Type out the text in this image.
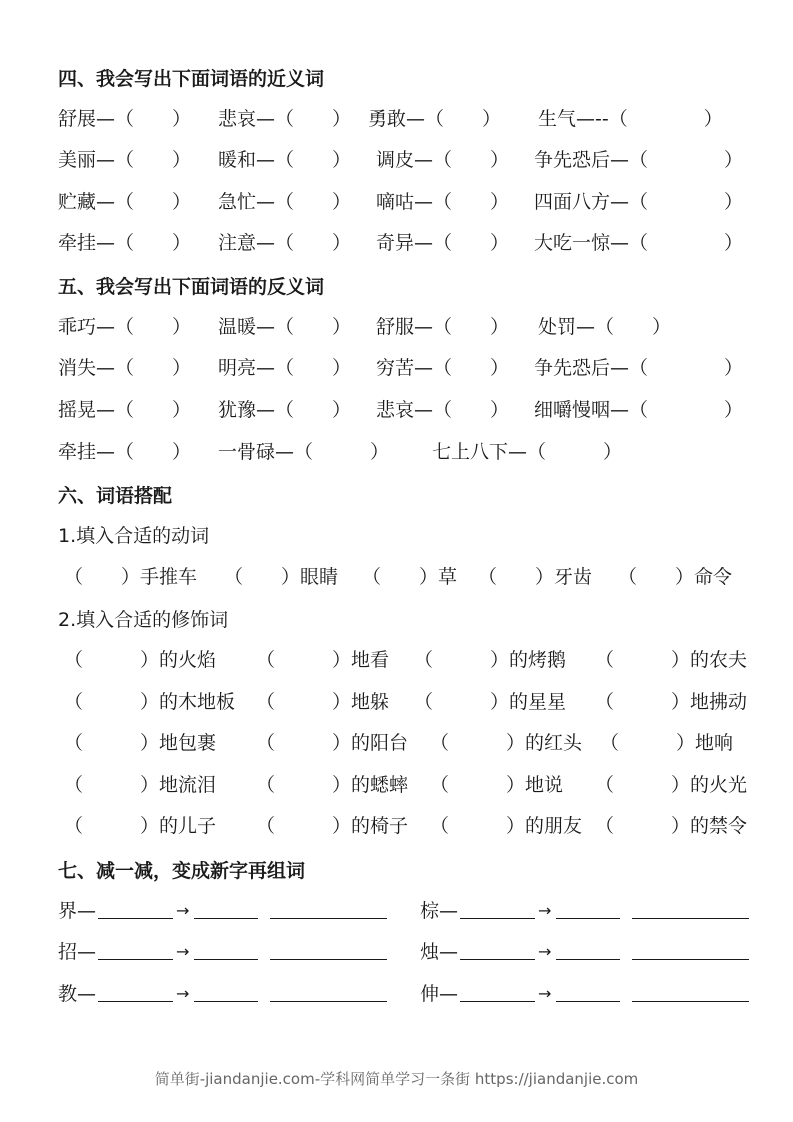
四、我会写出下面词语的近义词
舒展—（　　） 悲哀—（　　） 勇敢—（　　） 生气—--（　　　　）
美丽—（　　） 暖和—（　　） 调皮—（　　） 争先恐后—（　　　　）
贮藏—（　　） 急忙—（　　） 嘀咕—（　　） 四面八方—（　　　　）
牵挂—（　　） 注意—（　　） 奇异—（　　） 大吃一惊—（　　　　）
五、我会写出下面词语的反义词
乖巧—（　　） 温暖—（　　） 舒服—（　　） 处罚—（　　）
消失—（　　） 明亮—（　　） 穷苦—（　　） 争先恐后—（　　　　）
摇晃—（　　） 犹豫—（　　） 悲哀—（　　） 细嚼慢咽—（　　　　）
牵挂—（　　） 一骨碌—（　　　） 七上八下—（　　　）
六、词语搭配
1.填入合适的动词
（　　）手推车 （　　）眼睛 （　　）草 （　　）牙齿 （　　）命令
2.填入合适的修饰词
（　　　）的火焰 （　　　）地看 （　　　）的烤鹅 （　　　）的农夫
（　　　）的木地板 （　　　）地躲 （　　　）的星星 （　　　）地拂动
（　　　）地包裹 （　　　）的阳台 （　　　）的红头 （　　　）地响
（　　　）地流泪 （　　　）的蟋蟀 （　　　）地说 （　　　）的火光
（　　　）的儿子 （　　　）的椅子 （　　　）的朋友 （　　　）的禁令
七、减一减，变成新字再组词
界—	→	棕—	→
招—	→	烛—	→
教—	→	伸—	→
简单街-jiandanjie.com-学科网简单学习一条街 https://jiandanjie.com
